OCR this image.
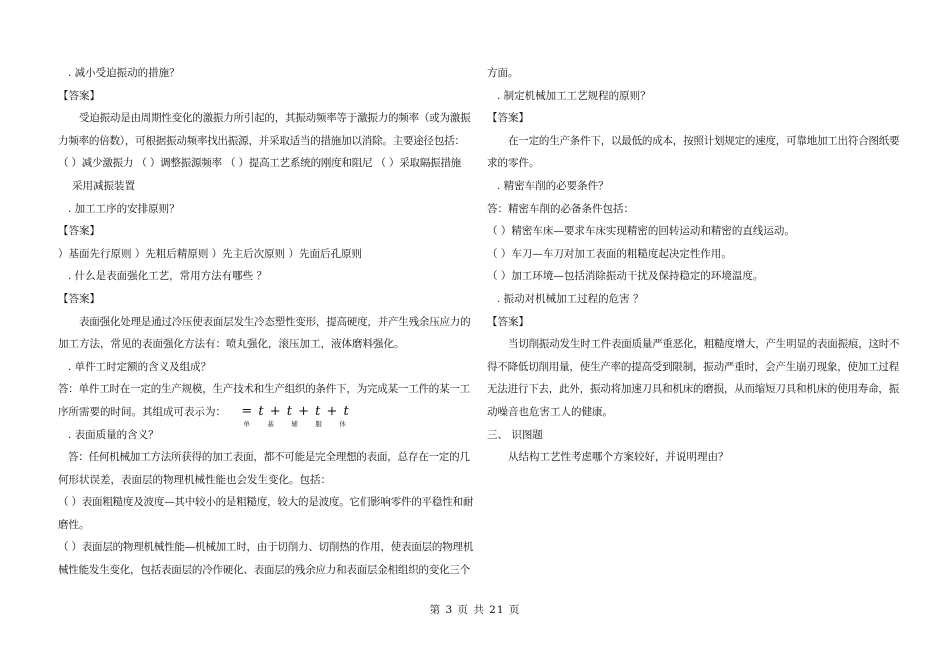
. 减小受迫振动的措施？
【答案】
受迫振动是由周期性变化的激振力所引起的，其振动频率等于激振力的频率（或为激振
力频率的倍数），可根据振动频率找出振源，并采取适当的措施加以消除。主要途径包括：
（ ）减少激振力 （ ）调整振源频率 （ ）提高工艺系统的刚度和阻尼 （ ）采取隔振措施
采用减振装置
. 加工工序的安排原则？
【答案】
）基面先行原则 ）先粗后精原则 ）先主后次原则 ）先面后孔原则
. 什么是表面强化工艺，常用方法有哪些 ？
【答案】
表面强化处理是通过冷压使表面层发生冷态塑性变形，提高硬度，并产生残余压应力的
加工方法，常见的表面强化方法有：喷丸强化，滚压加工，液体磨料强化。
. 单件工时定额的含义及组成？
答：单件工时在一定的生产规模，生产技术和生产组织的条件下，为完成某一工件的某一工
序所需要的时间。其组成可表示为： = t + t + t + t
单	基	辅	服	休
. 表面质量的含义？
答：任何机械加工方法所获得的加工表面，都不可能是完全理想的表面，总存在一定的几
何形状误差，表面层的物理机械性能也会发生变化。包括：
（ ）表面粗糙度及波度—其中较小的是粗糙度，较大的是波度。它们影响零件的平稳性和耐
磨性。
（ ）表面层的物理机械性能—机械加工时，由于切削力、切削热的作用，使表面层的物理机
械性能发生变化，包括表面层的冷作硬化、表面层的残余应力和表面层金相组织的变化三个
方面。
. 制定机械加工工艺规程的原则？
【答案】
在一定的生产条件下，以最低的成本，按照计划规定的速度，可靠地加工出符合图纸要
求的零件。
. 精密车削的必要条件？
答：精密车削的必备条件包括：
（ ）精密车床—要求车床实现精密的回转运动和精密的直线运动。
（ ）车刀—车刀对加工表面的粗糙度起决定性作用。
（ ）加工环境—包括消除振动干扰及保持稳定的环境温度。
. 振动对机械加工过程的危害 ？
【答案】
当切削振动发生时工件表面质量严重恶化，粗糙度增大，产生明显的表面振痕，这时不
得不降低切削用量，使生产率的提高受到限制，振动严重时，会产生崩刃现象，使加工过程
无法进行下去，此外，振动将加速刀具和机床的磨损，从而缩短刀具和机床的使用寿命，振
动噪音也危害工人的健康。
三、 识图题
从结构工艺性考虑哪个方案较好，并说明理由？
第 3 页 共 21 页
